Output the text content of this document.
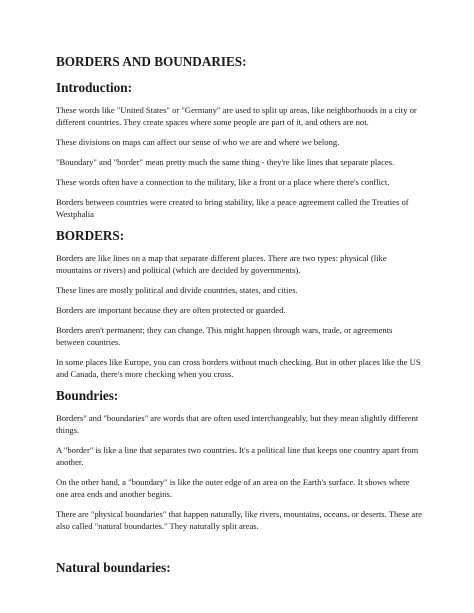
BORDERS AND BOUNDARIES:
Introduction:

These words like "United States" or "Germany" are used to split up areas, like neighborhoods in a city or different countries. They create spaces where some people are part of it, and others are not.

These divisions on maps can affect our sense of who we are and where we belong.

"Boundary" and "border" mean pretty much the same thing - they're like lines that separate places.

These words often have a connection to the military, like a front or a place where there's conflict.

Borders between countries were created to bring stability, like a peace agreement called the Treaties of Westphalia

BORDERS:

Borders are like lines on a map that separate different places. There are two types: physical (like mountains or rivers) and political (which are decided by governments).

These lines are mostly political and divide countries, states, and cities.

Borders are important because they are often protected or guarded.

Borders aren't permanent; they can change. This might happen through wars, trade, or agreements between countries.

In some places like Europe, you can cross borders without much checking. But in other places like the US and Canada, there's more checking when you cross.

Boundries:

Borders" and "boundaries" are words that are often used interchangeably, but they mean slightly different things.

A "border" is like a line that separates two countries. It's a political line that keeps one country apart from another.

On the other hand, a "boundary" is like the outer edge of an area on the Earth's surface. It shows where one area ends and another begins.

There are "physical boundaries" that happen naturally, like rivers, mountains, oceans, or deserts. These are also called "natural boundaries." They naturally split areas.

Natural boundaries:
